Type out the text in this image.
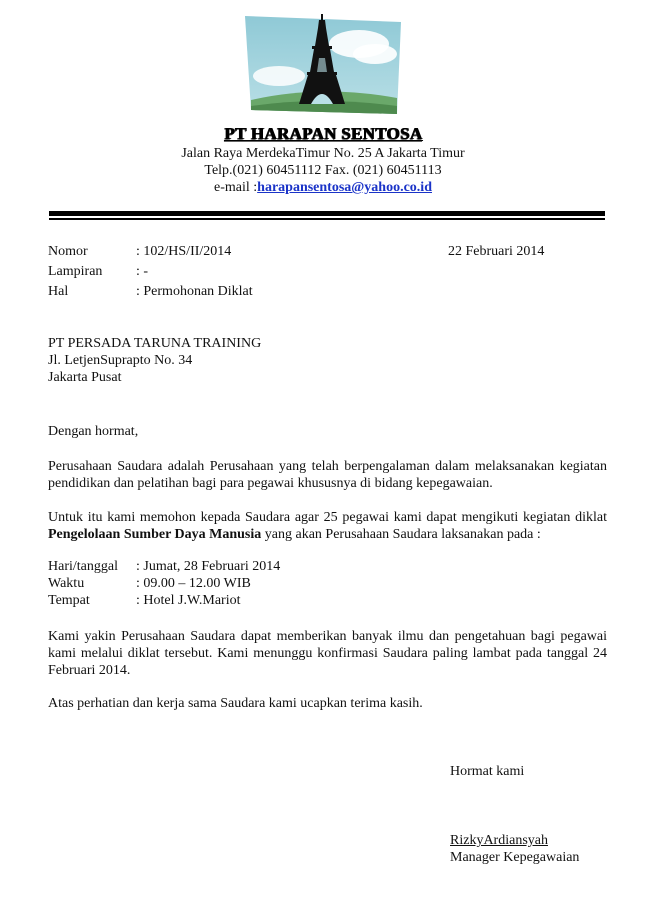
PT HARAPAN SENTOSA
Jalan Raya MerdekaTimur No. 25 A Jakarta Timur
Telp.(021) 60451112 Fax. (021) 60451113
e-mail :harapansentosa@yahoo.co.id
Nomor	: 102/HS/II/2014	22 Februari 2014
Lampiran : -
Hal	: Permohonan Diklat
PT PERSADA TARUNA TRAINING
Jl. LetjenSuprapto No. 34
Jakarta Pusat
Dengan hormat,
Perusahaan Saudara adalah Perusahaan yang telah berpengalaman dalam melaksanakan kegiatan pendidikan dan pelatihan bagi para pegawai khususnya di bidang kepegawaian.
Untuk itu kami memohon kepada Saudara agar 25 pegawai kami dapat mengikuti kegiatan diklat Pengelolaan Sumber Daya Manusia yang akan Perusahaan Saudara laksanakan pada :
Hari/tanggal : Jumat, 28 Februari 2014
Waktu	: 09.00 – 12.00 WIB
Tempat	: Hotel J.W.Mariot
Kami yakin Perusahaan Saudara dapat memberikan banyak ilmu dan pengetahuan bagi pegawai kami melalui diklat tersebut. Kami menunggu konfirmasi Saudara paling lambat pada tanggal 24 Februari 2014.
Atas perhatian dan kerja sama Saudara kami ucapkan terima kasih.
Hormat kami
RizkyArdiansyah
Manager Kepegawaian
